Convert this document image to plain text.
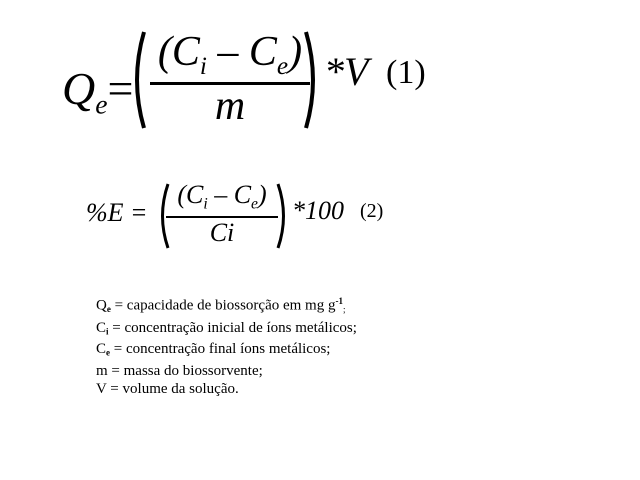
$Q_e=$
$(C_i - C_e)$
m
*V (1)
%E =
$(C_i - C_e)$
Ci
*100 (2)
Qe = capacidade de biossorção em mg $g^{-1}_;$
Ci = concentração inicial de íons metálicos;
Ce = concentração final íons metálicos;
m = massa do biossorvente;
V = volume da solução.
